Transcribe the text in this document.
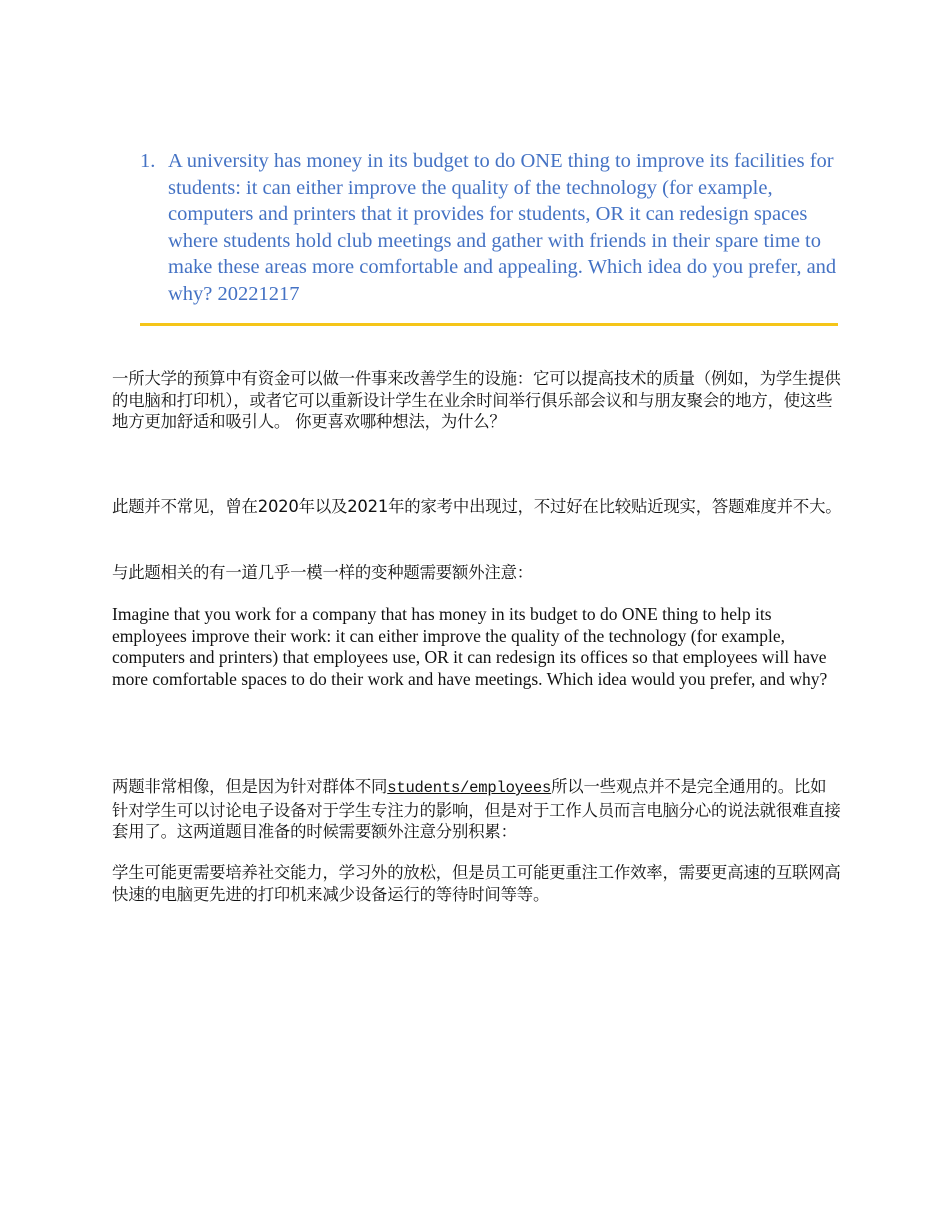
1. A university has money in its budget to do ONE thing to improve its facilities for students: it can either improve the quality of the technology (for example, computers and printers that it provides for students, OR it can redesign spaces where students hold club meetings and gather with friends in their spare time to make these areas more comfortable and appealing. Which idea do you prefer, and why? 20221217
一所大学的预算中有资金可以做一件事来改善学生的设施：它可以提高技术的质量（例如，为学生提供的电脑和打印机），或者它可以重新设计学生在业余时间举行俱乐部会议和与朋友聚会的地方，使这些地方更加舒适和吸引人。 你更喜欢哪种想法，为什么？
此题并不常见，曾在2020年以及2021年的家考中出现过，不过好在比较贴近现实，答题难度并不大。
与此题相关的有一道几乎一模一样的变种题需要额外注意：
Imagine that you work for a company that has money in its budget to do ONE thing to help its employees improve their work: it can either improve the quality of the technology (for example, computers and printers) that employees use, OR it can redesign its offices so that employees will have more comfortable spaces to do their work and have meetings. Which idea would you prefer, and why?
两题非常相像，但是因为针对群体不同students/employees所以一些观点并不是完全通用的。比如针对学生可以讨论电子设备对于学生专注力的影响，但是对于工作人员而言电脑分心的说法就很难直接套用了。这两道题目准备的时候需要额外注意分别积累：
学生可能更需要培养社交能力，学习外的放松，但是员工可能更重注工作效率，需要更高速的互联网高快速的电脑更先进的打印机来减少设备运行的等待时间等等。
